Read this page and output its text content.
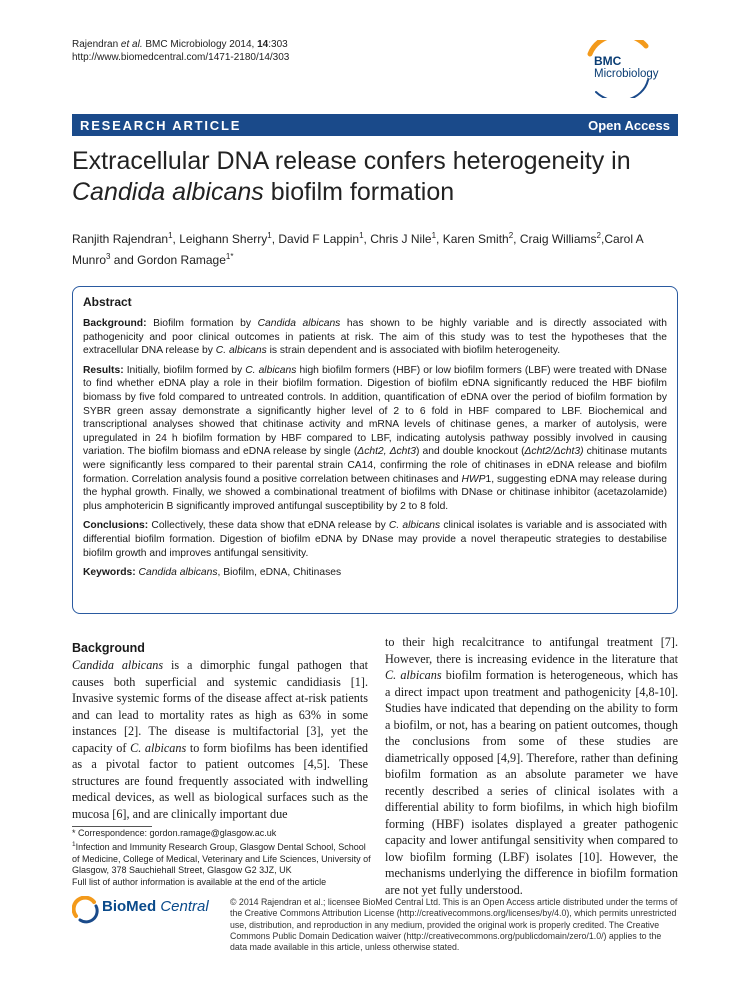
Rajendran et al. BMC Microbiology 2014, 14:303
http://www.biomedcentral.com/1471-2180/14/303	BMC
Microbiology
RESEARCH ARTICLE	Open Access
Extracellular DNA release confers heterogeneity in Candida albicans biofilm formation
Ranjith Rajendran$^1$, Leighann Sherry$^1$, David F Lappin$^1$, Chris J Nile$^1$, Karen Smith$^2$, Craig Williams$^2$,Carol A Munro$^3$ and Gordon Ramage$^{1*}$
Abstract

Background: Biofilm formation by Candida albicans has shown to be highly variable and is directly associated with pathogenicity and poor clinical outcomes in patients at risk. The aim of this study was to test the hypotheses that the extracellular DNA release by C. albicans is strain dependent and is associated with biofilm heterogeneity.

Results: Initially, biofilm formed by C. albicans high biofilm formers (HBF) or low biofilm formers (LBF) were treated with DNase to find whether eDNA play a role in their biofilm formation. Digestion of biofilm eDNA significantly reduced the HBF biofilm biomass by five fold compared to untreated controls. In addition, quantification of eDNA over the period of biofilm formation by SYBR green assay demonstrate a significantly higher level of 2 to 6 fold in HBF compared to LBF. Biochemical and transcriptional analyses showed that chitinase activity and mRNA levels of chitinase genes, a marker of autolysis, were upregulated in 24 h biofilm formation by HBF compared to LBF, indicating autolysis pathway possibly involved in causing variation. The biofilm biomass and eDNA release by single (Δcht2, Δcht3) and double knockout (Δcht2/Δcht3) chitinase mutants were significantly less compared to their parental strain CA14, confirming the role of chitinases in eDNA release and biofilm formation. Correlation analysis found a positive correlation between chitinases and HWP1, suggesting eDNA may release during the hyphal growth. Finally, we showed a combinational treatment of biofilms with DNase or chitinase inhibitor (acetazolamide) plus amphotericin B significantly improved antifungal susceptibility by 2 to 8 fold.

Conclusions: Collectively, these data show that eDNA release by C. albicans clinical isolates is variable and is associated with differential biofilm formation. Digestion of biofilm eDNA by DNase may provide a novel therapeutic strategies to destabilise biofilm growth and improves antifungal sensitivity.

Keywords: Candida albicans, Biofilm, eDNA, Chitinases

Background

Candida albicans is a dimorphic fungal pathogen that causes both superficial and systemic candidiasis [1]. Invasive systemic forms of the disease affect at-risk patients and can lead to mortality rates as high as 63% in some instances [2]. The disease is multifactorial [3], yet the capacity of C. albicans to form biofilms has been identified as a pivotal factor to patient outcomes [4,5]. These structures are found frequently associated with indwelling medical devices, as well as biological surfaces such as the mucosa [6], and are clinically important due

to their high recalcitrance to antifungal treatment [7]. However, there is increasing evidence in the literature that C. albicans biofilm formation is heterogeneous, which has a direct impact upon treatment and pathogenicity [4,8-10]. Studies have indicated that depending on the ability to form a biofilm, or not, has a bearing on patient outcomes, though the conclusions from some of these studies are diametrically opposed [4,9]. Therefore, rather than defining biofilm formation as an absolute parameter we have recently described a series of clinical isolates with a differential ability to form biofilms, in which high biofilm forming (HBF) isolates displayed a greater pathogenic capacity and lower antifungal sensitivity when compared to low biofilm forming (LBF) isolates [10]. However, the mechanisms underlying the difference in biofilm formation are not yet fully understood.

* Correspondence: gordon.ramage@glasgow.ac.uk
$^1$Infection and Immunity Research Group, Glasgow Dental School, School of Medicine, College of Medical, Veterinary and Life Sciences, University of Glasgow, 378 Sauchiehall Street, Glasgow G2 3JZ, UK
Full list of author information is available at the end of the article
BioMed Central © 2014 Rajendran et al.; licensee BioMed Central Ltd. This is an Open Access article distributed under the terms of the Creative Commons Attribution License (http://creativecommons.org/licenses/by/4.0), which permits unrestricted use, distribution, and reproduction in any medium, provided the original work is properly credited. The Creative Commons Public Domain Dedication waiver (http://creativecommons.org/publicdomain/zero/1.0/) applies to the data made available in this article, unless otherwise stated.
